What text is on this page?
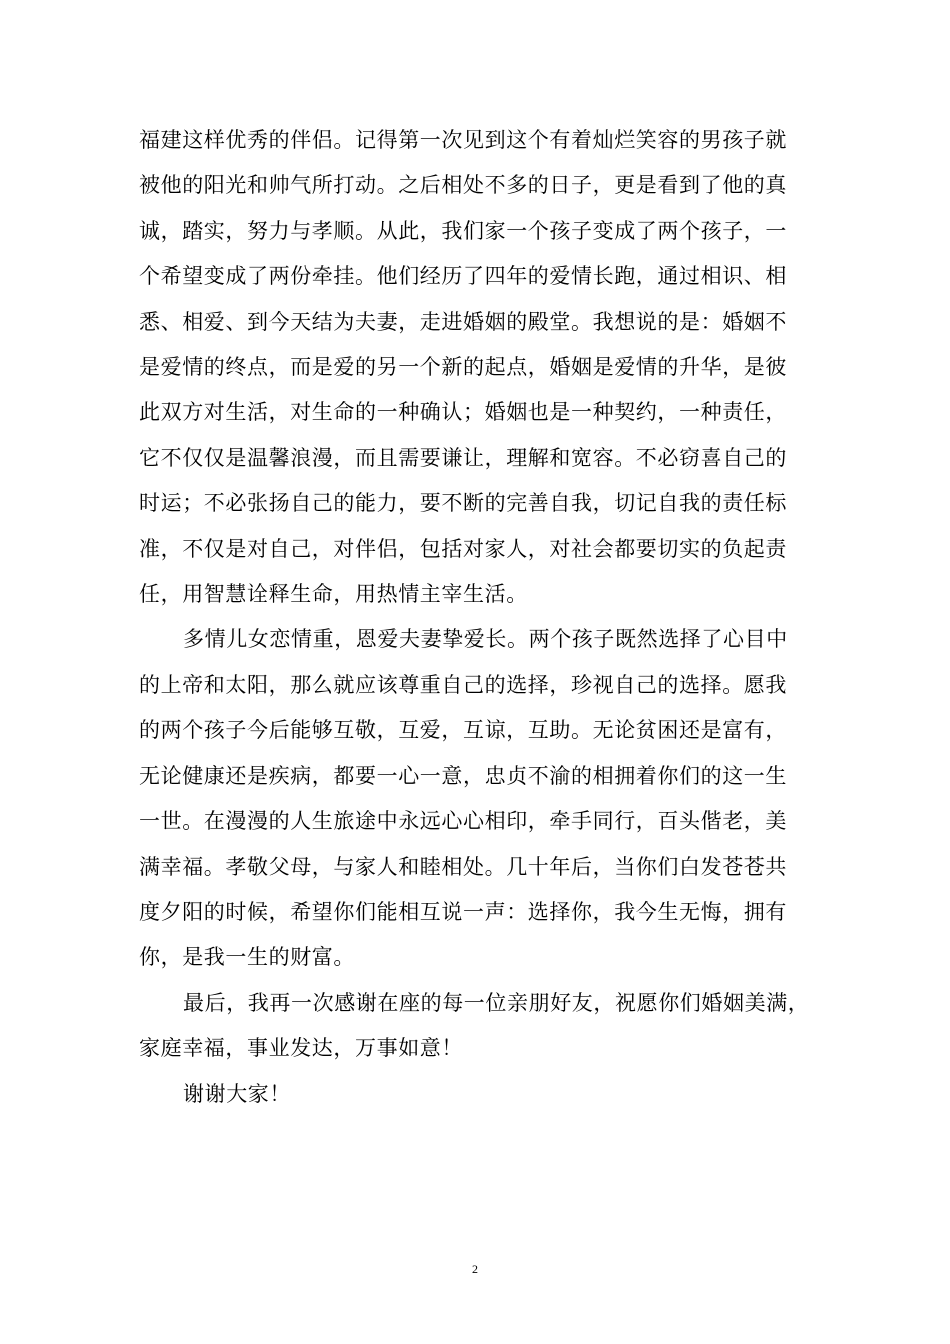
福建这样优秀的伴侣。记得第一次见到这个有着灿烂笑容的男孩子就
被他的阳光和帅气所打动。之后相处不多的日子，更是看到了他的真
诚，踏实，努力与孝顺。从此，我们家一个孩子变成了两个孩子，一
个希望变成了两份牵挂。他们经历了四年的爱情长跑，通过相识、相
悉、相爱、到今天结为夫妻，走进婚姻的殿堂。我想说的是：婚姻不
是爱情的终点，而是爱的另一个新的起点，婚姻是爱情的升华，是彼
此双方对生活，对生命的一种确认；婚姻也是一种契约，一种责任，
它不仅仅是温馨浪漫，而且需要谦让，理解和宽容。不必窃喜自己的
时运；不必张扬自己的能力，要不断的完善自我，切记自我的责任标
准，不仅是对自己，对伴侣，包括对家人，对社会都要切实的负起责
任，用智慧诠释生命，用热情主宰生活。

多情儿女恋情重，恩爱夫妻挚爱长。两个孩子既然选择了心目中
的上帝和太阳，那么就应该尊重自己的选择，珍视自己的选择。愿我
的两个孩子今后能够互敬，互爱，互谅，互助。无论贫困还是富有，
无论健康还是疾病，都要一心一意，忠贞不渝的相拥着你们的这一生
一世。在漫漫的人生旅途中永远心心相印，牵手同行，百头偕老，美
满幸福。孝敬父母，与家人和睦相处。几十年后，当你们白发苍苍共
度夕阳的时候，希望你们能相互说一声：选择你，我今生无悔，拥有
你，是我一生的财富。

最后，我再一次感谢在座的每一位亲朋好友，祝愿你们婚姻美满，
家庭幸福，事业发达，万事如意！

谢谢大家！

2
